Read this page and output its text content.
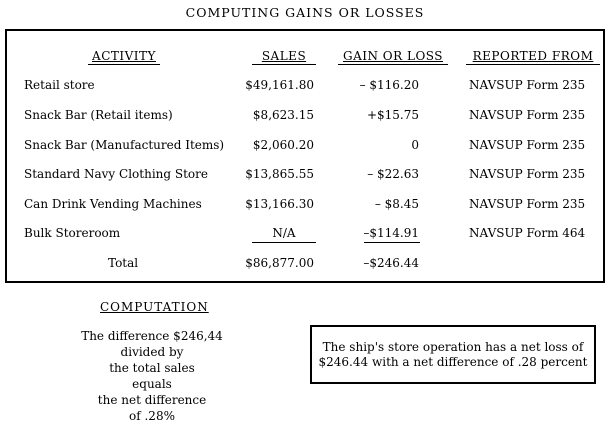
COMPUTING GAINS OR LOSSES
ACTIVITY	SALES	GAIN OR LOSS	REPORTED FROM
Retail store	$49,161.80	– $116.20	NAVSUP Form 235
Snack Bar (Retail items)	$8,623.15	+$15.75	NAVSUP Form 235
Snack Bar (Manufactured Items) $2,060.20	0	NAVSUP Form 235
Standard Navy Clothing Store	$13,865.55	– $22.63	NAVSUP Form 235
Can Drink Vending Machines	$13,166.30	– $8.45	NAVSUP Form 235
Bulk Storeroom	N/A	–$114.91	NAVSUP Form 464
Total	$86,877.00	–$246.44
COMPUTATION
The difference $246,44
divided by
the total sales
equals
the net difference
of .28%
The ship's store operation has a net loss of
$246.44 with a net difference of .28 percent
